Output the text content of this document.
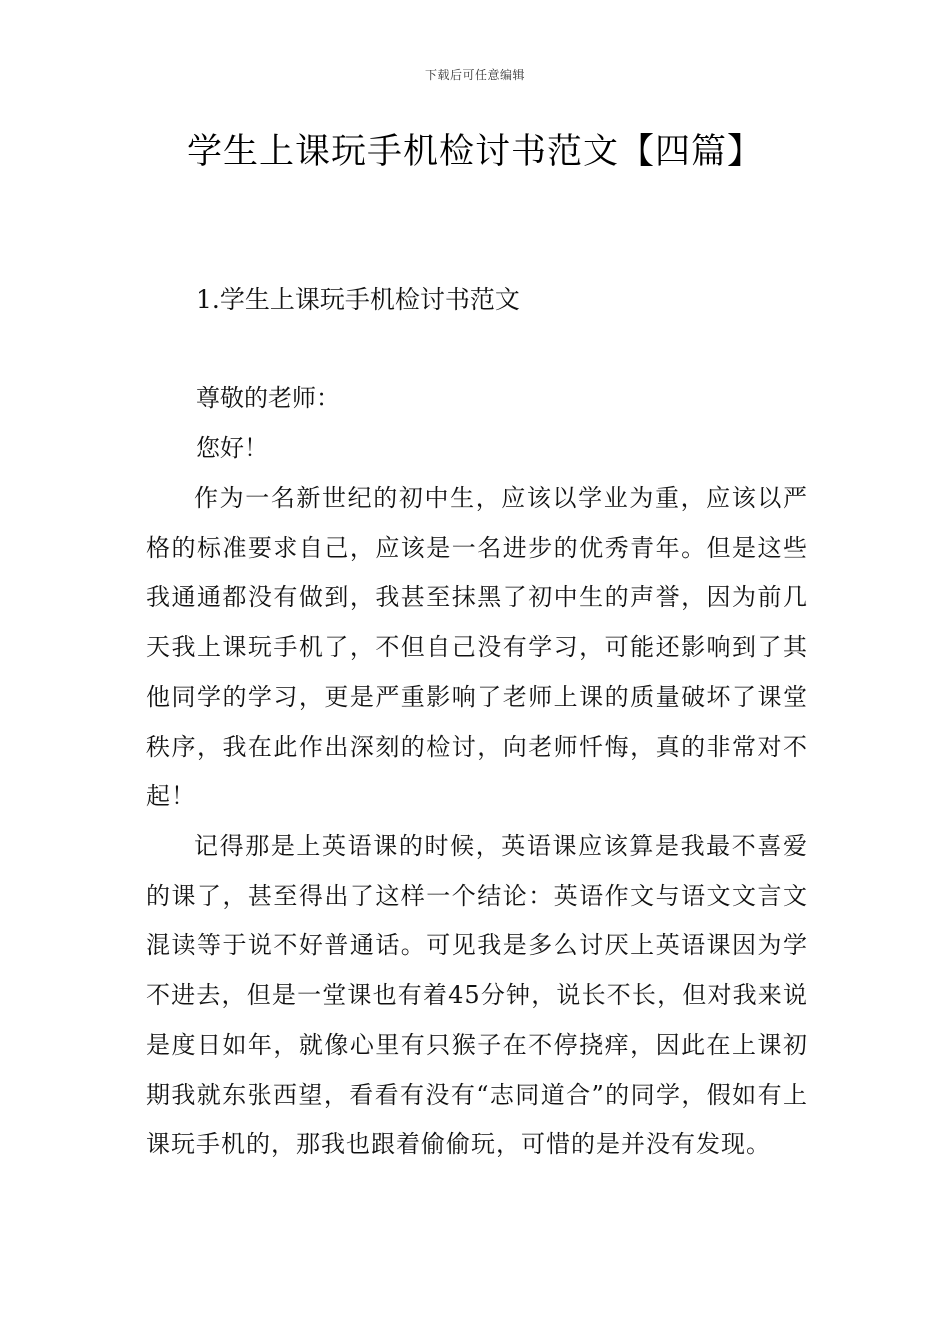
下载后可任意编辑
学生上课玩手机检讨书范文【四篇】
1.学生上课玩手机检讨书范文

尊敬的老师：

您好！

作为一名新世纪的初中生，应该以学业为重，应该以严格的标准要求自己，应该是一名进步的优秀青年。但是这些我通通都没有做到，我甚至抹黑了初中生的声誉，因为前几天我上课玩手机了，不但自己没有学习，可能还影响到了其他同学的学习，更是严重影响了老师上课的质量破坏了课堂秩序，我在此作出深刻的检讨，向老师忏悔，真的非常对不起！

记得那是上英语课的时候，英语课应该算是我最不喜爱的课了，甚至得出了这样一个结论：英语作文与语文文言文混读等于说不好普通话。可见我是多么讨厌上英语课因为学不进去，但是一堂课也有着45分钟，说长不长，但对我来说是度日如年，就像心里有只猴子在不停挠痒，因此在上课初期我就东张西望，看看有没有“志同道合”的同学，假如有上课玩手机的，那我也跟着偷偷玩，可惜的是并没有发现。
